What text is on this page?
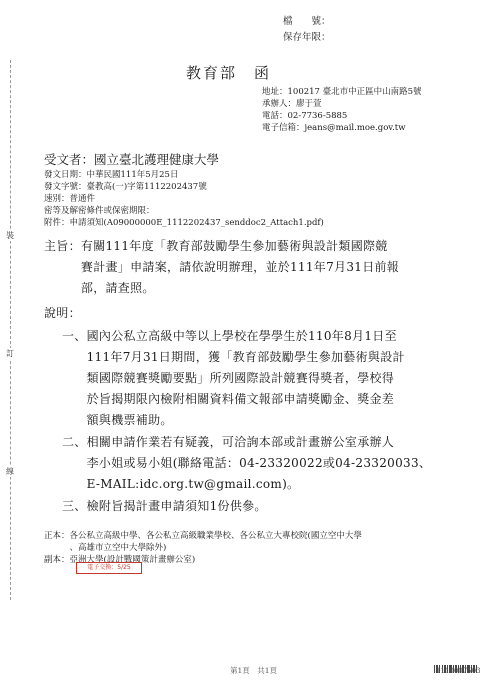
檔　　號：
保存年限：
教育部　函
地址：100217 臺北市中正區中山南路5號
承辦人：廖于萱
電話：02-7736-5885
電子信箱：jeans@mail.moe.gov.tw
受文者：國立臺北護理健康大學
發文日期：中華民國111年5月25日
發文字號：臺教高(一)字第1112202437號
速別：普通件
密等及解密條件或保密期限：
附件：申請須知(A09000000E_1112202437_senddoc2_Attach1.pdf)
裝
訂
線
主旨：有關111年度「教育部鼓勵學生參加藝術與設計類國際競
　　　賽計畫」申請案，請依說明辦理，並於111年7月31日前報
　　　部，請查照。
說明：
一、國內公私立高級中等以上學校在學學生於110年8月1日至
　　111年7月31日期間，獲「教育部鼓勵學生參加藝術與設計
　　類國際競賽獎勵要點」所列國際設計競賽得獎者，學校得
　　於旨揭期限內檢附相關資料備文報部申請獎勵金、獎金差
　　額與機票補助。
二、相關申請作業若有疑義，可洽詢本部或計畫辦公室承辦人
　　李小姐或易小姐(聯絡電話：04-23320022或04-23320033、
　　E-MAIL:idc.org.tw@gmail.com)。
三、檢附旨揭計畫申請須知1份供參。
正本：各公私立高級中學、各公私立高級職業學校、各公私立大專校院(國立空中大學
　　　、高雄市立空中大學除外)
副本：亞洲大學(設計戰國策計畫辦公室)
電子交換：5/25
第1頁　共1頁	1110007503
